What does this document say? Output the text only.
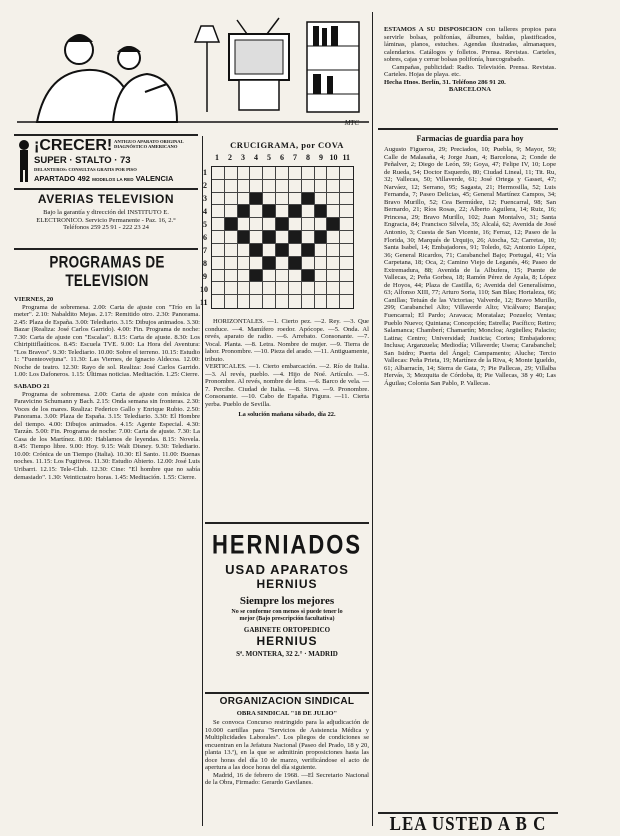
MTC
¡CRECER! ANTIGUO APARATO ORIGINAL DIAGNÓSTICO AMERICANO
SUPER · STALTO · 73
DELANTEROS: CONSULTAS GRATIS POR PISO
APARTADO 492 MODELOS LA RED VALENCIA
AVERIAS TELEVISION
Bajo la garantía y dirección del INSTITUTO E. ELECTRONICO. Servicio Permanente - Paz. 16, 2.° Teléfonos 259 25 91 - 222 23 24
PROGRAMAS DE TELEVISION
VIERNES, 20

Programa de sobremesa. 2.00: Carta de ajuste con "Trío en la meter". 2.10: Nabaldito Mejas. 2.17: Remitido otro. 2.30: Panorama. 2.45: Plaza de España. 3.00: Telediario. 3.15: Dibujos animados. 3.30: Bazar (Realiza: José Carlos Garrido). 4.00: Fin. Programa de noche: 7.30: Carta de ajuste con "Escalas". 8.15: Carta de ajuste. 8.30: Los Chiripitiflaúticos. 8.45: Escuela TVE. 9.00: La Hora del Aventura: "Los Bravos". 9.30: Telediario. 10.00: Sobre el terreno. 10.15: Estudio 1: "Fuenteovejuna". 11.30: Las Viernes, de Ignacio Aldecoa. 12.00: Noche de teatro. 12.30: Rayo de sol. Realiza: José Carlos Garrido. 1.00: Los Dafoneros. 1.15: Últimas noticias. Meditación. 1.25: Cierre.

SABADO 21

Programa de sobremesa. 2.00: Carta de ajuste con música de Paravicino Schumann y Bach. 2.15: Onda semana sin fronteras. 2.30: Voces de los mares. Realiza: Federico Gallo y Enrique Rubio. 2.50: Panorama. 3.00: Plaza de España. 3.15: Telediario. 3.30: El Hombre del tiempo. 4.00: Dibujos animados. 4.15: Agente Especial. 4.30: Tarzán. 5.00: Fin. Programa de noche: 7.00: Carta de ajuste. 7.30: La Casa de los Martínez. 8.00: Hablamos de leyendas. 8.15: Novela. 8.45: Tiempo libre. 9.00: Hoy. 9.15: Walt Disney. 9.30: Telediario. 10.00: Crónica de un Tiempo (Italia). 10.30: El Santo. 11.00: Buenas noches. 11.15: Los Fugitivos. 11.30: Estudio Abierto. 12.00: José Luis Uribarri. 12.15: Tele-Club. 12.30: Cine: "El hombre que no sabía demasiado". 1.30: Veinticuatro horas. 1.45: Meditación. 1.55: Cierre.

CRUCIGRAMA, por COVA
1 2 3 4 5 6 7 8 9 10 11
1
2
3
4
5
6
7
8
9
10
11

HORIZONTALES. —1. Cierto pez. —2. Rey. —3. Que conduce. —4. Mamífero roedor. Apócope. —5. Onda. Al revés, aparato de radio. —6. Arrebato. Consonante. —7. Vocal. Planta. —8. Letra. Nombre de mujer. —9. Tierra de labor. Pronombre. —10. Pieza del arado. —11. Antiguamente, tributo.
VERTICALES. —1. Cierto embarcación. —2. Río de Italia. —3. Al revés, pueblo. —4. Hijo de Noé. Artículo. —5. Pronombre. Al revés, nombre de letra. —6. Barco de vela. —7. Percibe. Ciudad de Italia. —8. Sirva. —9. Pronombre. Consonante. —10. Cabo de España. Figura. —11. Cierta yerba. Pueblo de Sevilla.

La solución mañana sábado, día 22.

HERNIADOS
USAD APARATOS
HERNIUS
Siempre los mejores
No se conforme con menos si puede tener lo mejor (Bajo prescripción facultativa)
GABINETE ORTOPEDICO
HERNIUS
Sª. MONTERA, 32 2.° · MADRID
ORGANIZACION SINDICAL
OBRA SINDICAL "18 DE JULIO"

Se convoca Concurso restringido para la adjudicación de 10.000 cartillas para "Servicios de Asistencia Médica y Multiplicidades Laborales". Los pliegos de condiciones se encuentran en la Jefatura Nacional (Paseo del Prado, 18 y 20, planta 13.ª), en la que se admitirán proposiciones hasta las doce horas del día 10 de marzo, verificándose el acto de apertura a las doce horas del día siguiente.

Madrid, 16 de febrero de 1968. —El Secretario Nacional de la Obra, Firmado: Gerardo Gavilanes.

ESTAMOS A SU DISPOSICION con talleres propios para servirle bolsas, polifonías, álbumes, baldas, plastificados, láminas, planos, estuches. Agendas ilustradas, almanaques, calendarios. Catálogos y folletos. Prensa. Revistas. Carteles, sobres, cajas y cerrar bolsas polifonía, huecograbado.

Campañas, publicidad: Radio. Televisión. Prensa. Revistas. Carteles. Hojas de playa. etc.

Hecha Hnos. Berlín, 31. Teléfono 286 91 20.

BARCELONA

Farmacias de guardia para hoy

Augusto Figueroa, 29; Preciados, 10; Puebla, 9; Mayor, 59; Calle de Malasaña, 4; Jorge Juan, 4; Barcelona, 2; Conde de Peñalver, 2; Diego de León, 59; Goya, 47; Felipe IV, 10; Lope de Rueda, 54; Doctor Esquerdo, 80; Ciudad Lineal, 11; Tit. Ru, 32; Vallecas, 50; Villaverde, 61; José Ortega y Gasset, 47; Narváez, 12; Serrano, 95; Sagasta, 21; Hermosilla, 52; Luis Fernanda, 7; Paseo Delicias, 45; General Martínez Campos, 34; Bravo Murillo, 52; Cea Bermúdez, 12; Fuencarral, 98; San Bernardo, 21; Ríos Rosas, 22; Alberto Aguilera, 14; Ruiz, 16; Princesa, 29; Bravo Murillo, 102; Juan Montalvo, 31; Santa Engracia, 84; Francisco Silvela, 35; Alcalá, 62; Avenida de José Antonio, 3; Cuesta de San Vicente, 16; Ferraz, 12; Paseo de la Florida, 30; Marqués de Urquijo, 26; Atocha, 52; Carretas, 10; Santa Isabel, 14; Embajadores, 91; Toledo, 62; Antonio López, 36; General Ricardos, 71; Carabanchel Bajo; Portugal, 41; Vía Carpetana, 18; Oca, 2; Camino Viejo de Leganés, 46; Paseo de Extremadura, 88; Avenida de la Albufera, 15; Puente de Vallecas, 2; Peña Gorbea, 18; Ramón Pérez de Ayala, 8; López de Hoyos, 44; Plaza de Castilla, 6; Avenida del Generalísimo, 63; Alfonso XIII, 77; Arturo Soria, 110; San Blas; Hortaleza, 66; Canillas; Tetuán de las Victorias; Valverde, 12; Bravo Murillo, 299; Carabanchel Alto; Villaverde Alto; Vicálvaro; Barajas; Fuencarral; El Pardo; Aravaca; Moratalaz; Pozuelo; Ventas; Pueblo Nuevo; Quintana; Concepción; Estrella; Pacífico; Retiro; Salamanca; Chamberí; Chamartín; Moncloa; Argüelles; Palacio; Latina; Centro; Universidad; Justicia; Cortes; Embajadores; Inclusa; Arganzuela; Mediodía; Villaverde; Usera; Carabanchel; San Isidro; Puerta del Ángel; Campamento; Aluche; Tercio Vallecas: Peña Prieta, 19; Martínez de la Riva, 4; Monte Igueldo, 61; Albarracín, 14; Sierra de Gata, 7; Pie Pallecas, 29; Villalba Hervás, 3; Mezquita de Córdoba, 8; Pie Vallecas, 38 y 40; Las Águilas; Colonia San Pablo, P. Vallecas.

LEA USTED A B C
